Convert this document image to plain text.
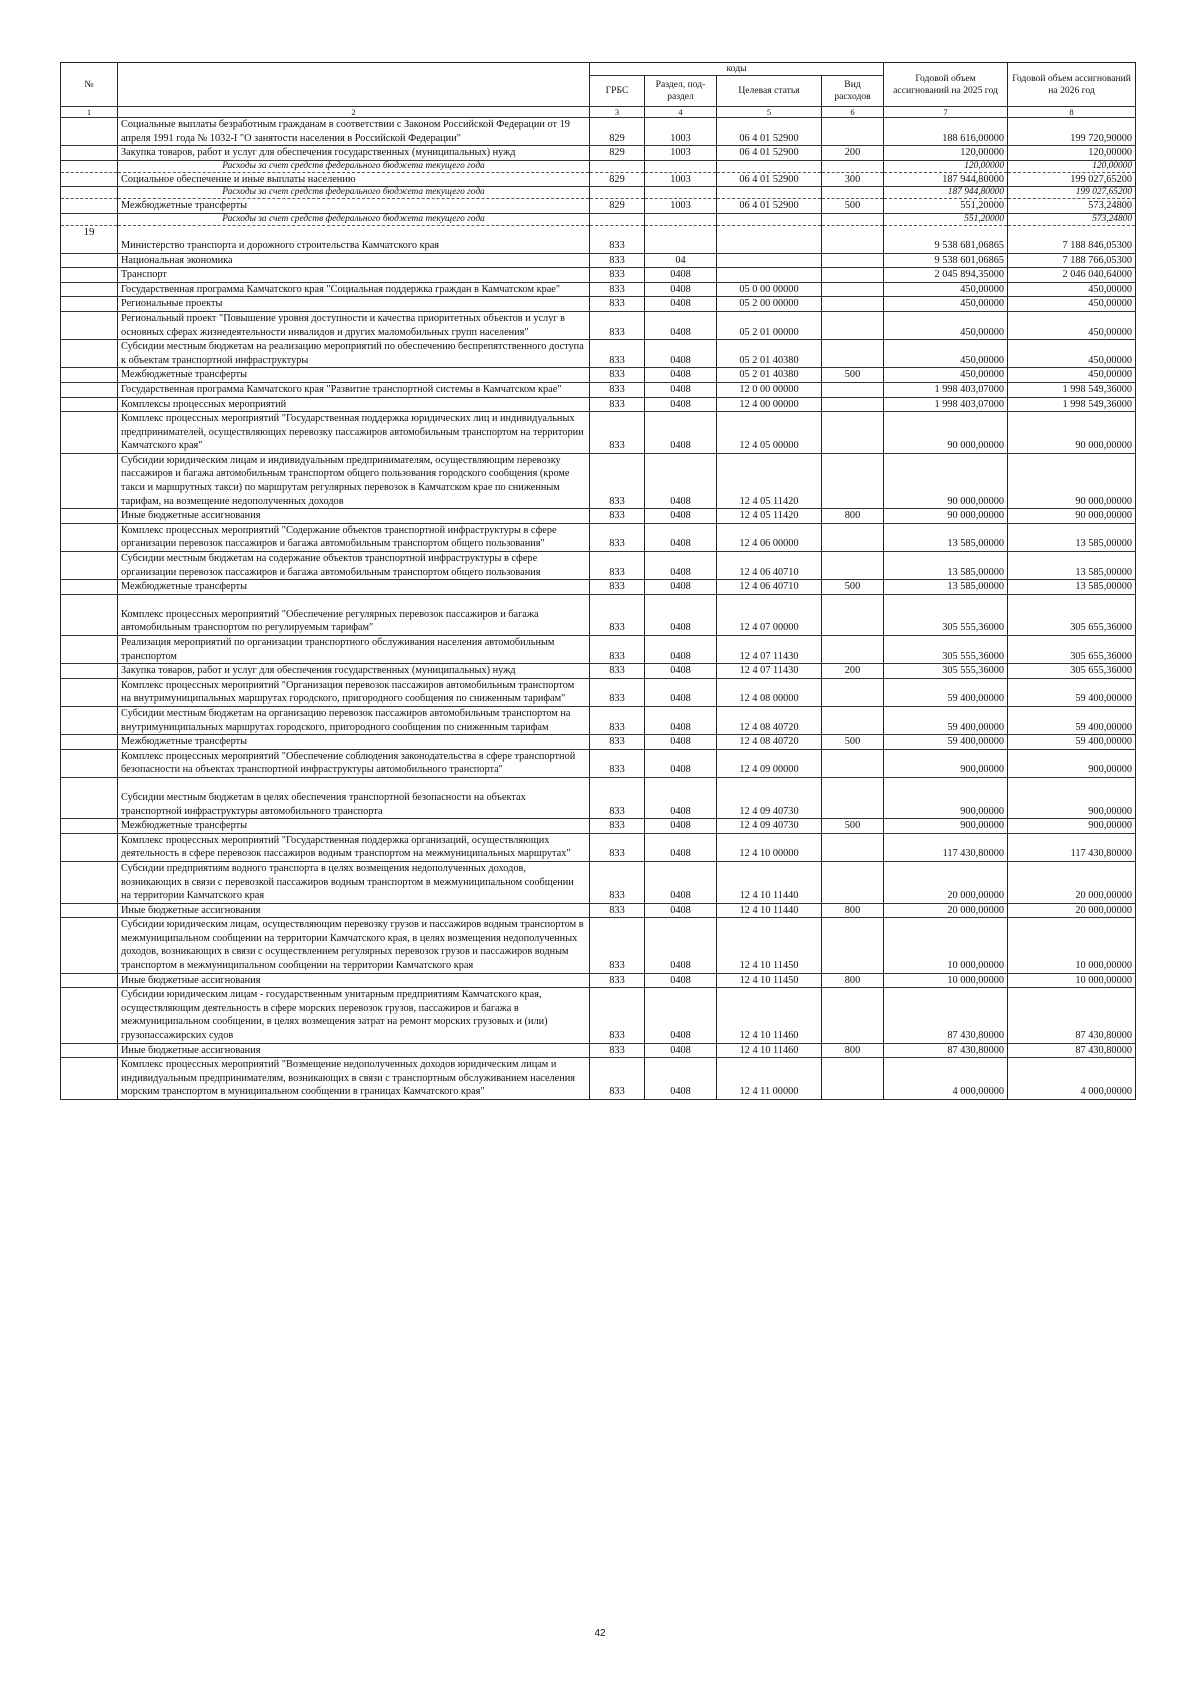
№		коды				Годовой объем ассигнований на 2025 год	Годовой объем ассигнований на 2026 год
		ГРБС	Раздел, под-раздел	Целевая статья	Вид расходов		
1	2	3	4	5	6	7	8
	Социальные выплаты безработным гражданам в соответствии с Законом Российской Федерации от 19 апреля 1991 года № 1032-I "О занятости населения в Российской Федерации"	829	1003	06 4 01 52900		188 616,00000	199 720,90000
	Закупка товаров, работ и услуг для обеспечения государственных (муниципальных) нужд	829	1003	06 4 01 52900	200	120,00000	120,00000
	Расходы за счет средств федерального бюджета текущего года					120,00000	120,00000
	Социальное обеспечение и иные выплаты населению	829	1003	06 4 01 52900	300	187 944,80000	199 027,65200
	Расходы за счет средств федерального бюджета текущего года					187 944,80000	199 027,65200
	Межбюджетные трансферты	829	1003	06 4 01 52900	500	551,20000	573,24800
	Расходы за счет средств федерального бюджета текущего года					551,20000	573,24800
19	Министерство транспорта и дорожного строительства Камчатского края	833				9 538 681,06865	7 188 846,05300
	Национальная экономика	833	04			9 538 601,06865	7 188 766,05300
	Транспорт	833	0408			2 045 894,35000	2 046 040,64000
	Государственная программа Камчатского края "Социальная поддержка граждан в Камчатском крае"	833	0408	05 0 00 00000		450,00000	450,00000
	Региональные проекты	833	0408	05 2 00 00000		450,00000	450,00000
	Региональный проект "Повышение уровня доступности и качества приоритетных объектов и услуг в основных сферах жизнедеятельности инвалидов и других маломобильных групп населения"	833	0408	05 2 01 00000		450,00000	450,00000
	Субсидии местным бюджетам на реализацию мероприятий по обеспечению беспрепятственного доступа к объектам транспортной инфраструктуры	833	0408	05 2 01 40380		450,00000	450,00000
	Межбюджетные трансферты	833	0408	05 2 01 40380	500	450,00000	450,00000
	Государственная программа Камчатского края "Развитие транспортной системы в Камчатском крае"	833	0408	12 0 00 00000		1 998 403,07000	1 998 549,36000
	Комплексы процессных мероприятий	833	0408	12 4 00 00000		1 998 403,07000	1 998 549,36000
	Комплекс процессных мероприятий "Государственная поддержка юридических лиц и индивидуальных предпринимателей, осуществляющих перевозку пассажиров автомобильным транспортом на территории Камчатского края"	833	0408	12 4 05 00000		90 000,00000	90 000,00000
	Субсидии юридическим лицам и индивидуальным предпринимателям, осуществляющим перевозку пассажиров и багажа автомобильным транспортом общего пользования городского сообщения (кроме такси и маршрутных такси) по маршрутам регулярных перевозок в Камчатском крае по сниженным тарифам, на возмещение недополученных доходов	833	0408	12 4 05 11420		90 000,00000	90 000,00000
	Иные бюджетные ассигнования	833	0408	12 4 05 11420	800	90 000,00000	90 000,00000
	Комплекс процессных мероприятий "Содержание объектов транспортной инфраструктуры в сфере организации перевозок пассажиров и багажа автомобильным транспортом общего пользования"	833	0408	12 4 06 00000		13 585,00000	13 585,00000
	Субсидии местным бюджетам на содержание объектов транспортной инфраструктуры в сфере организации перевозок пассажиров и багажа автомобильным транспортом общего пользования	833	0408	12 4 06 40710		13 585,00000	13 585,00000
	Межбюджетные трансферты	833	0408	12 4 06 40710	500	13 585,00000	13 585,00000
	Комплекс процессных мероприятий "Обеспечение регулярных перевозок пассажиров и багажа автомобильным транспортом по регулируемым тарифам"	833	0408	12 4 07 00000		305 555,36000	305 655,36000
	Реализация мероприятий по организации транспортного обслуживания населения автомобильным транспортом	833	0408	12 4 07 11430		305 555,36000	305 655,36000
	Закупка товаров, работ и услуг для обеспечения государственных (муниципальных) нужд	833	0408	12 4 07 11430	200	305 555,36000	305 655,36000
	Комплекс процессных мероприятий "Организация перевозок пассажиров автомобильным транспортом на внутримуниципальных маршрутах городского, пригородного сообщения по сниженным тарифам"	833	0408	12 4 08 00000		59 400,00000	59 400,00000
	Субсидии местным бюджетам на организацию перевозок пассажиров автомобильным транспортом на внутримуниципальных маршрутах городского, пригородного сообщения по сниженным тарифам	833	0408	12 4 08 40720		59 400,00000	59 400,00000
	Межбюджетные трансферты	833	0408	12 4 08 40720	500	59 400,00000	59 400,00000
	Комплекс процессных мероприятий "Обеспечение соблюдения законодательства в сфере транспортной безопасности на объектах транспортной инфраструктуры автомобильного транспорта"	833	0408	12 4 09 00000		900,00000	900,00000
	Субсидии местным бюджетам в целях обеспечения транспортной безопасности на объектах транспортной инфраструктуры автомобильного транспорта	833	0408	12 4 09 40730		900,00000	900,00000
	Межбюджетные трансферты	833	0408	12 4 09 40730	500	900,00000	900,00000
	Комплекс процессных мероприятий "Государственная поддержка организаций, осуществляющих деятельность в сфере перевозок пассажиров водным транспортом на межмуниципальных маршрутах"	833	0408	12 4 10 00000		117 430,80000	117 430,80000
	Субсидии предприятиям водного транспорта в целях возмещения недополученных доходов, возникающих в связи с перевозкой пассажиров водным транспортом в межмуниципальном сообщении на территории Камчатского края	833	0408	12 4 10 11440		20 000,00000	20 000,00000
	Иные бюджетные ассигнования	833	0408	12 4 10 11440	800	20 000,00000	20 000,00000
	Субсидии юридическим лицам, осуществляющим перевозку грузов и пассажиров водным транспортом в межмуниципальном сообщении на территории Камчатского края, в целях возмещения недополученных доходов, возникающих в связи с осуществлением регулярных перевозок грузов и пассажиров водным транспортом в межмуниципальном сообщении на территории Камчатского края	833	0408	12 4 10 11450		10 000,00000	10 000,00000
	Иные бюджетные ассигнования	833	0408	12 4 10 11450	800	10 000,00000	10 000,00000
	Субсидии юридическим лицам - государственным унитарным предприятиям Камчатского края, осуществляющим деятельность в сфере морских перевозок грузов, пассажиров и багажа в межмуниципальном сообщении, в целях возмещения затрат на ремонт морских грузовых и (или) грузопассажирских судов	833	0408	12 4 10 11460		87 430,80000	87 430,80000
	Иные бюджетные ассигнования	833	0408	12 4 10 11460	800	87 430,80000	87 430,80000
	Комплекс процессных мероприятий "Возмещение недополученных доходов юридическим лицам и индивидуальным предпринимателям, возникающих в связи с транспортным обслуживанием населения морским транспортом в муниципальном сообщении в границах Камчатского края"	833	0408	12 4 11 00000		4 000,00000	4 000,00000
42
